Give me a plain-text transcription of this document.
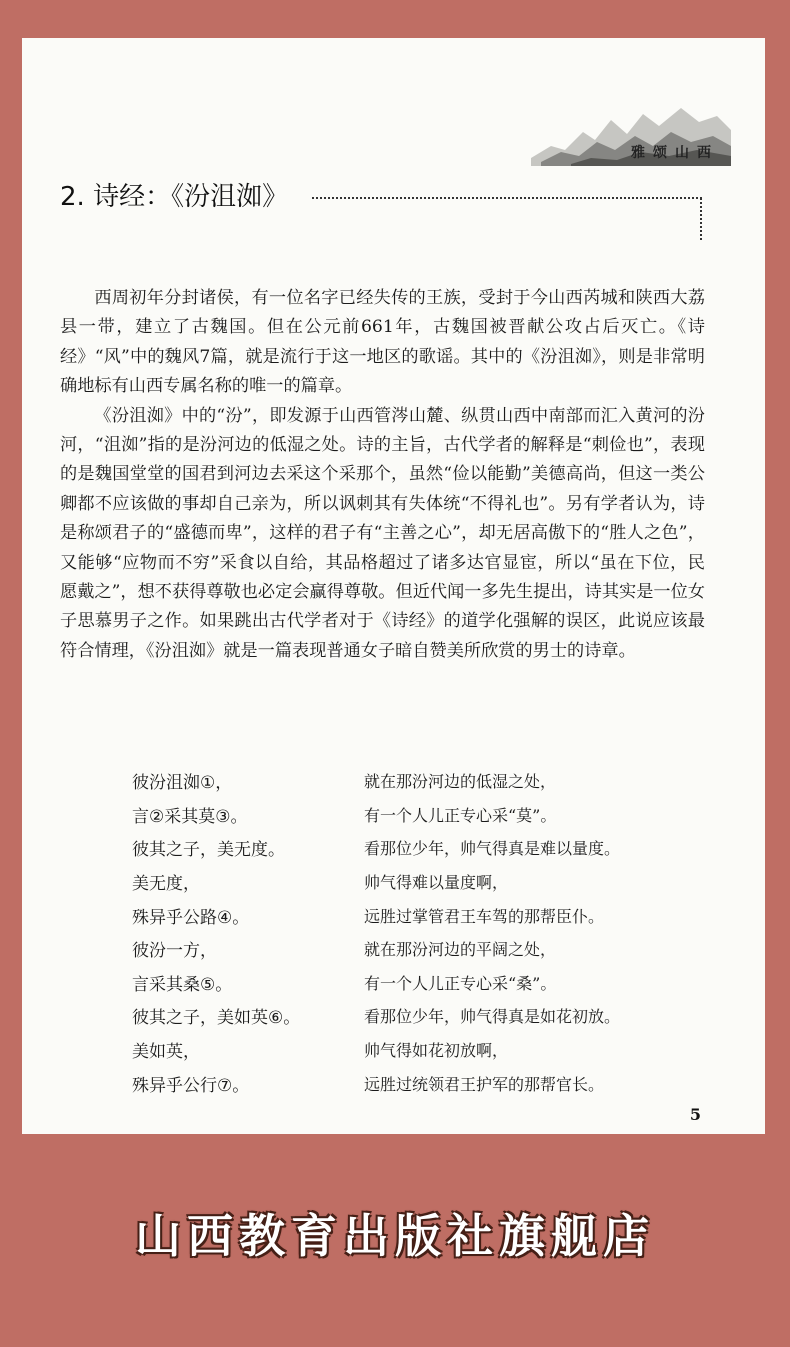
雅颂山西
2. 诗经：《汾沮洳》

西周初年分封诸侯，有一位名字已经失传的王族，受封于今山西芮城和陕西大荔县一带，建立了古魏国。但在公元前661年，古魏国被晋献公攻占后灭亡。《诗经》“风”中的魏风7篇，就是流行于这一地区的歌谣。其中的《汾沮洳》，则是非常明确地标有山西专属名称的唯一的篇章。

《汾沮洳》中的“汾”，即发源于山西管涔山麓、纵贯山西中南部而汇入黄河的汾河，“沮洳”指的是汾河边的低湿之处。诗的主旨，古代学者的解释是“刺俭也”，表现的是魏国堂堂的国君到河边去采这个采那个，虽然“俭以能勤”美德高尚，但这一类公卿都不应该做的事却自己亲为，所以讽刺其有失体统“不得礼也”。另有学者认为，诗是称颂君子的“盛德而卑”，这样的君子有“主善之心”，却无居高傲下的“胜人之色”，又能够“应物而不穷”采食以自给，其品格超过了诸多达官显宦，所以“虽在下位，民愿戴之”，想不获得尊敬也必定会赢得尊敬。但近代闻一多先生提出，诗其实是一位女子思慕男子之作。如果跳出古代学者对于《诗经》的道学化强解的误区，此说应该最符合情理，《汾沮洳》就是一篇表现普通女子暗自赞美所欣赏的男士的诗章。

彼汾沮洳①，	就在那汾河边的低湿之处，
言②采其莫③。	有一个人儿正专心采“莫”。
彼其之子，美无度。	看那位少年，帅气得真是难以量度。
美无度，	帅气得难以量度啊，
殊异乎公路④。	远胜过掌管君王车驾的那帮臣仆。
彼汾一方，	就在那汾河边的平阔之处，
言采其桑⑤。	有一个人儿正专心采“桑”。
彼其之子，美如英⑥。	看那位少年，帅气得真是如花初放。
美如英，	帅气得如花初放啊，
殊异乎公行⑦。	远胜过统领君王护军的那帮官长。
5
山西教育出版社旗舰店
